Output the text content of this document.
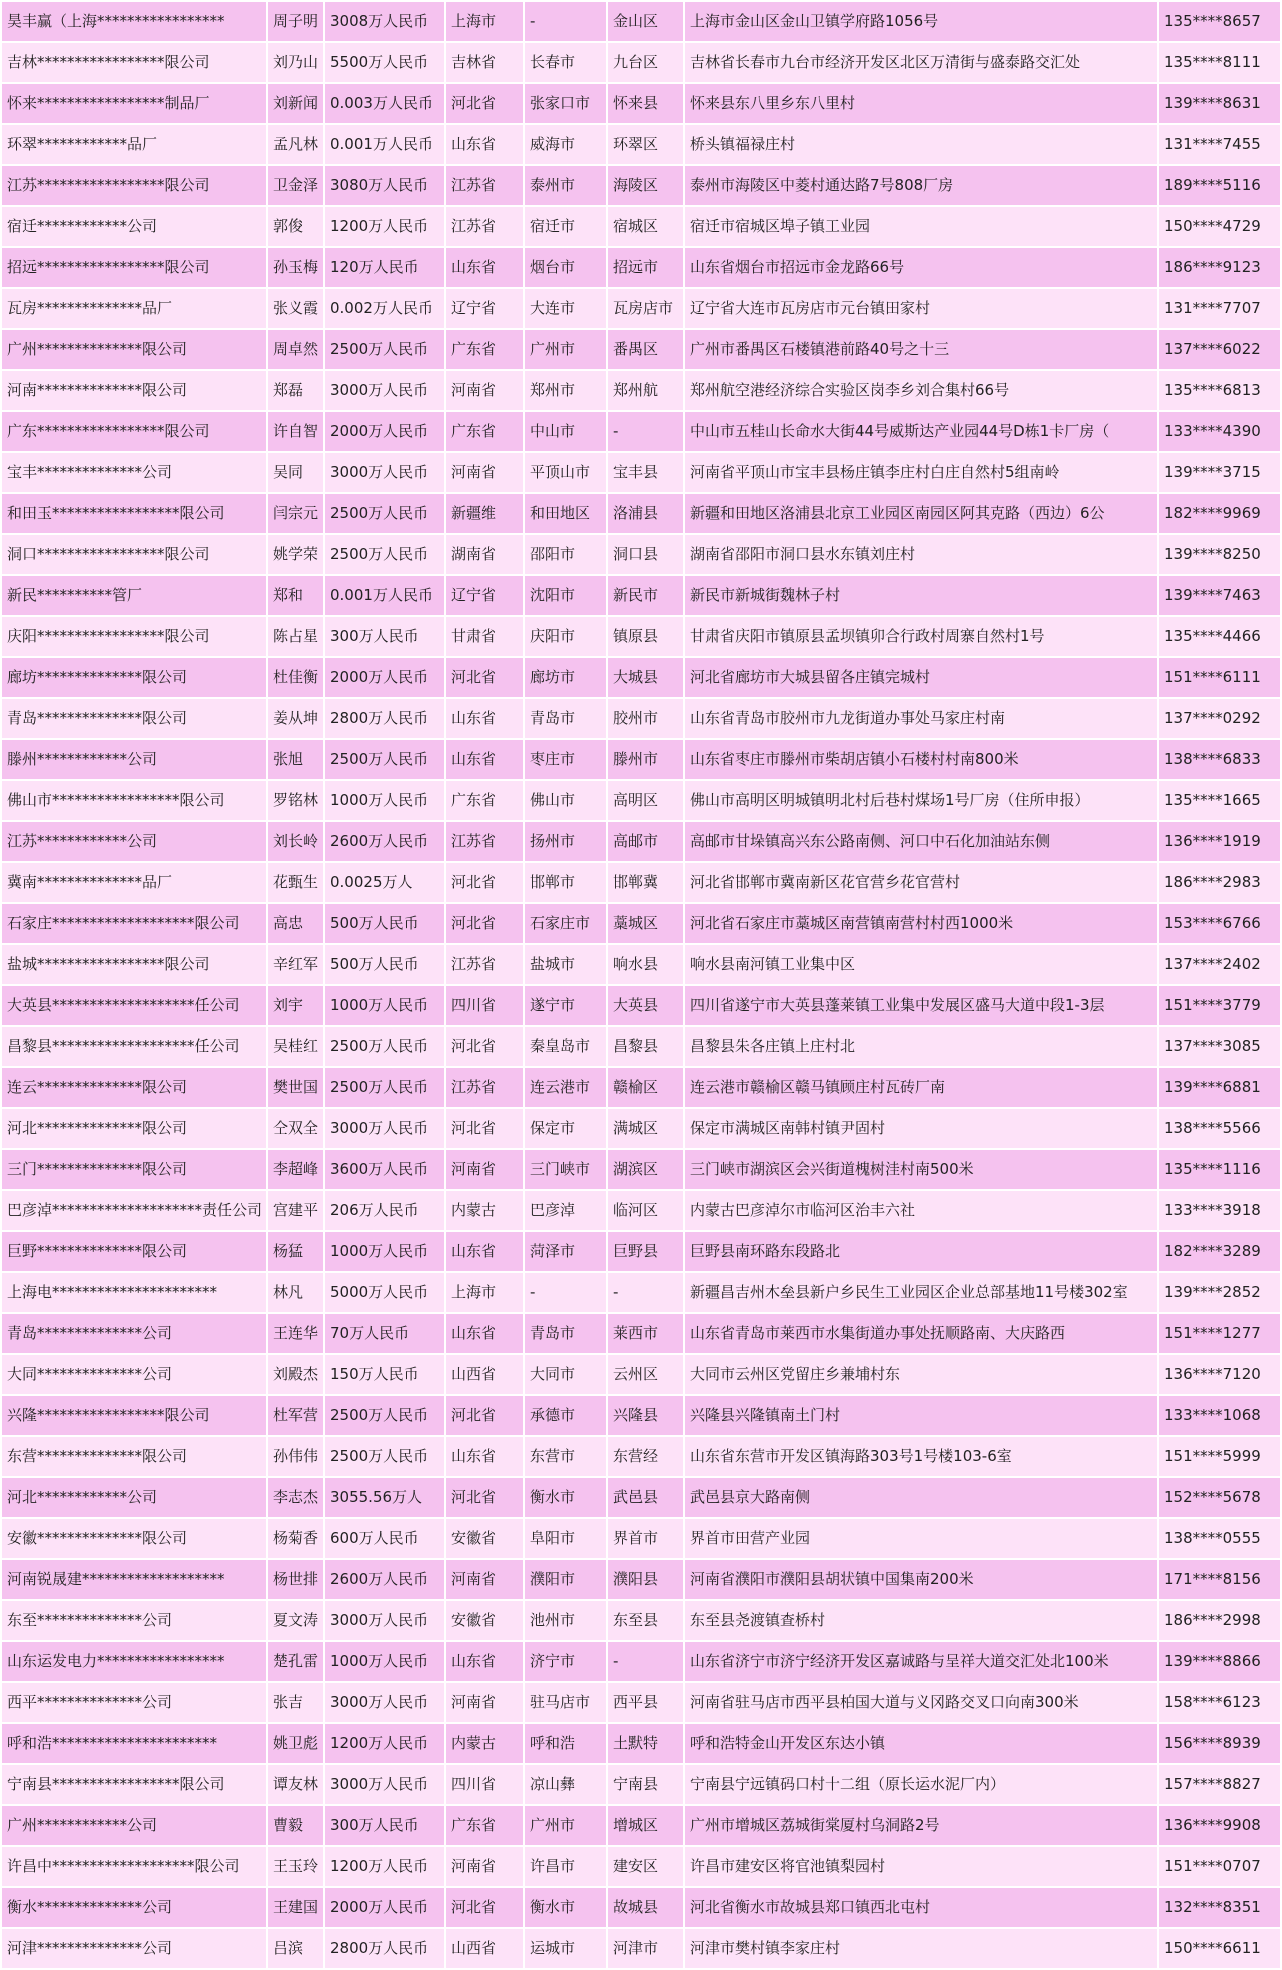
昊丰赢（上海*****************	周子明	3008万人民币	上海市	-	金山区	上海市金山区金山卫镇学府路1056号	135****8657
吉林*****************限公司	刘乃山	5500万人民币	吉林省	长春市	九台区	吉林省长春市九台市经济开发区北区万清街与盛泰路交汇处	135****8111
怀来*****************制品厂	刘新闻	0.003万人民币	河北省	张家口市	怀来县	怀来县东八里乡东八里村	139****8631
环翠************品厂	孟凡林	0.001万人民币	山东省	威海市	环翠区	桥头镇福禄庄村	131****7455
江苏*****************限公司	卫金泽	3080万人民币	江苏省	泰州市	海陵区	泰州市海陵区中菱村通达路7号808厂房	189****5116
宿迁************公司	郭俊	1200万人民币	江苏省	宿迁市	宿城区	宿迁市宿城区埠子镇工业园	150****4729
招远*****************限公司	孙玉梅	120万人民币	山东省	烟台市	招远市	山东省烟台市招远市金龙路66号	186****9123
瓦房**************品厂	张义霞	0.002万人民币	辽宁省	大连市	瓦房店市	辽宁省大连市瓦房店市元台镇田家村	131****7707
广州**************限公司	周卓然	2500万人民币	广东省	广州市	番禺区	广州市番禺区石楼镇港前路40号之十三	137****6022
河南**************限公司	郑磊	3000万人民币	河南省	郑州市	郑州航	郑州航空港经济综合实验区岗李乡刘合集村66号	135****6813
广东*****************限公司	许自智	2000万人民币	广东省	中山市	-	中山市五桂山长命水大街44号威斯达产业园44号D栋1卡厂房（	133****4390
宝丰**************公司	吴同	3000万人民币	河南省	平顶山市	宝丰县	河南省平顶山市宝丰县杨庄镇李庄村白庄自然村5组南岭	139****3715
和田玉*****************限公司	闫宗元	2500万人民币	新疆维	和田地区	洛浦县	新疆和田地区洛浦县北京工业园区南园区阿其克路（西边）6公	182****9969
洞口*****************限公司	姚学荣	2500万人民币	湖南省	邵阳市	洞口县	湖南省邵阳市洞口县水东镇刘庄村	139****8250
新民**********管厂	郑和	0.001万人民币	辽宁省	沈阳市	新民市	新民市新城街魏林子村	139****7463
庆阳*****************限公司	陈占星	300万人民币	甘肃省	庆阳市	镇原县	甘肃省庆阳市镇原县孟坝镇卯合行政村周寨自然村1号	135****4466
廊坊**************限公司	杜佳衡	2000万人民币	河北省	廊坊市	大城县	河北省廊坊市大城县留各庄镇完城村	151****6111
青岛**************限公司	姜从坤	2800万人民币	山东省	青岛市	胶州市	山东省青岛市胶州市九龙街道办事处马家庄村南	137****0292
滕州************公司	张旭	2500万人民币	山东省	枣庄市	滕州市	山东省枣庄市滕州市柴胡店镇小石楼村村南800米	138****6833
佛山市*****************限公司	罗铭林	1000万人民币	广东省	佛山市	高明区	佛山市高明区明城镇明北村后巷村煤场1号厂房（住所申报）	135****1665
江苏************公司	刘长岭	2600万人民币	江苏省	扬州市	高邮市	高邮市甘垛镇高兴东公路南侧、河口中石化加油站东侧	136****1919
冀南**************品厂	花甄生	0.0025万人	河北省	邯郸市	邯郸冀	河北省邯郸市冀南新区花官营乡花官营村	186****2983
石家庄*******************限公司	高忠	500万人民币	河北省	石家庄市	藁城区	河北省石家庄市藁城区南营镇南营村村西1000米	153****6766
盐城*****************限公司	辛红军	500万人民币	江苏省	盐城市	响水县	响水县南河镇工业集中区	137****2402
大英县*******************任公司	刘宇	1000万人民币	四川省	遂宁市	大英县	四川省遂宁市大英县蓬莱镇工业集中发展区盛马大道中段1-3层	151****3779
昌黎县*******************任公司	吴桂红	2500万人民币	河北省	秦皇岛市	昌黎县	昌黎县朱各庄镇上庄村北	137****3085
连云**************限公司	樊世国	2500万人民币	江苏省	连云港市	赣榆区	连云港市赣榆区赣马镇顾庄村瓦砖厂南	139****6881
河北**************限公司	仝双全	3000万人民币	河北省	保定市	满城区	保定市满城区南韩村镇尹固村	138****5566
三门**************限公司	李超峰	3600万人民币	河南省	三门峡市	湖滨区	三门峡市湖滨区会兴街道槐树洼村南500米	135****1116
巴彦淖********************责任公司	宫建平	206万人民币	内蒙古	巴彦淖	临河区	内蒙古巴彦淖尔市临河区治丰六社	133****3918
巨野**************限公司	杨猛	1000万人民币	山东省	菏泽市	巨野县	巨野县南环路东段路北	182****3289
上海电**********************	林凡	5000万人民币	上海市	-	-	新疆昌吉州木垒县新户乡民生工业园区企业总部基地11号楼302室	139****2852
青岛**************公司	王连华	70万人民币	山东省	青岛市	莱西市	山东省青岛市莱西市水集街道办事处抚顺路南、大庆路西	151****1277
大同**************公司	刘殿杰	150万人民币	山西省	大同市	云州区	大同市云州区党留庄乡兼埔村东	136****7120
兴隆*****************限公司	杜军营	2500万人民币	河北省	承德市	兴隆县	兴隆县兴隆镇南土门村	133****1068
东营**************限公司	孙伟伟	2500万人民币	山东省	东营市	东营经	山东省东营市开发区镇海路303号1号楼103-6室	151****5999
河北************公司	李志杰	3055.56万人	河北省	衡水市	武邑县	武邑县京大路南侧	152****5678
安徽**************限公司	杨菊香	600万人民币	安徽省	阜阳市	界首市	界首市田营产业园	138****0555
河南锐晟建*******************	杨世排	2600万人民币	河南省	濮阳市	濮阳县	河南省濮阳市濮阳县胡状镇中国集南200米	171****8156
东至**************公司	夏文涛	3000万人民币	安徽省	池州市	东至县	东至县尧渡镇查桥村	186****2998
山东运发电力*****************	楚孔雷	1000万人民币	山东省	济宁市	-	山东省济宁市济宁经济开发区嘉诚路与呈祥大道交汇处北100米	139****8866
西平**************公司	张吉	3000万人民币	河南省	驻马店市	西平县	河南省驻马店市西平县柏国大道与义冈路交叉口向南300米	158****6123
呼和浩**********************	姚卫彪	1200万人民币	内蒙古	呼和浩	土默特	呼和浩特金山开发区东达小镇	156****8939
宁南县*****************限公司	谭友林	3000万人民币	四川省	凉山彝	宁南县	宁南县宁远镇码口村十二组（原长运水泥厂内）	157****8827
广州************公司	曹毅	300万人民币	广东省	广州市	增城区	广州市增城区荔城街棠厦村乌洞路2号	136****9908
许昌中*******************限公司	王玉玲	1200万人民币	河南省	许昌市	建安区	许昌市建安区将官池镇梨园村	151****0707
衡水**************公司	王建国	2000万人民币	河北省	衡水市	故城县	河北省衡水市故城县郑口镇西北屯村	132****8351
河津**************公司	吕滨	2800万人民币	山西省	运城市	河津市	河津市樊村镇李家庄村	150****6611
